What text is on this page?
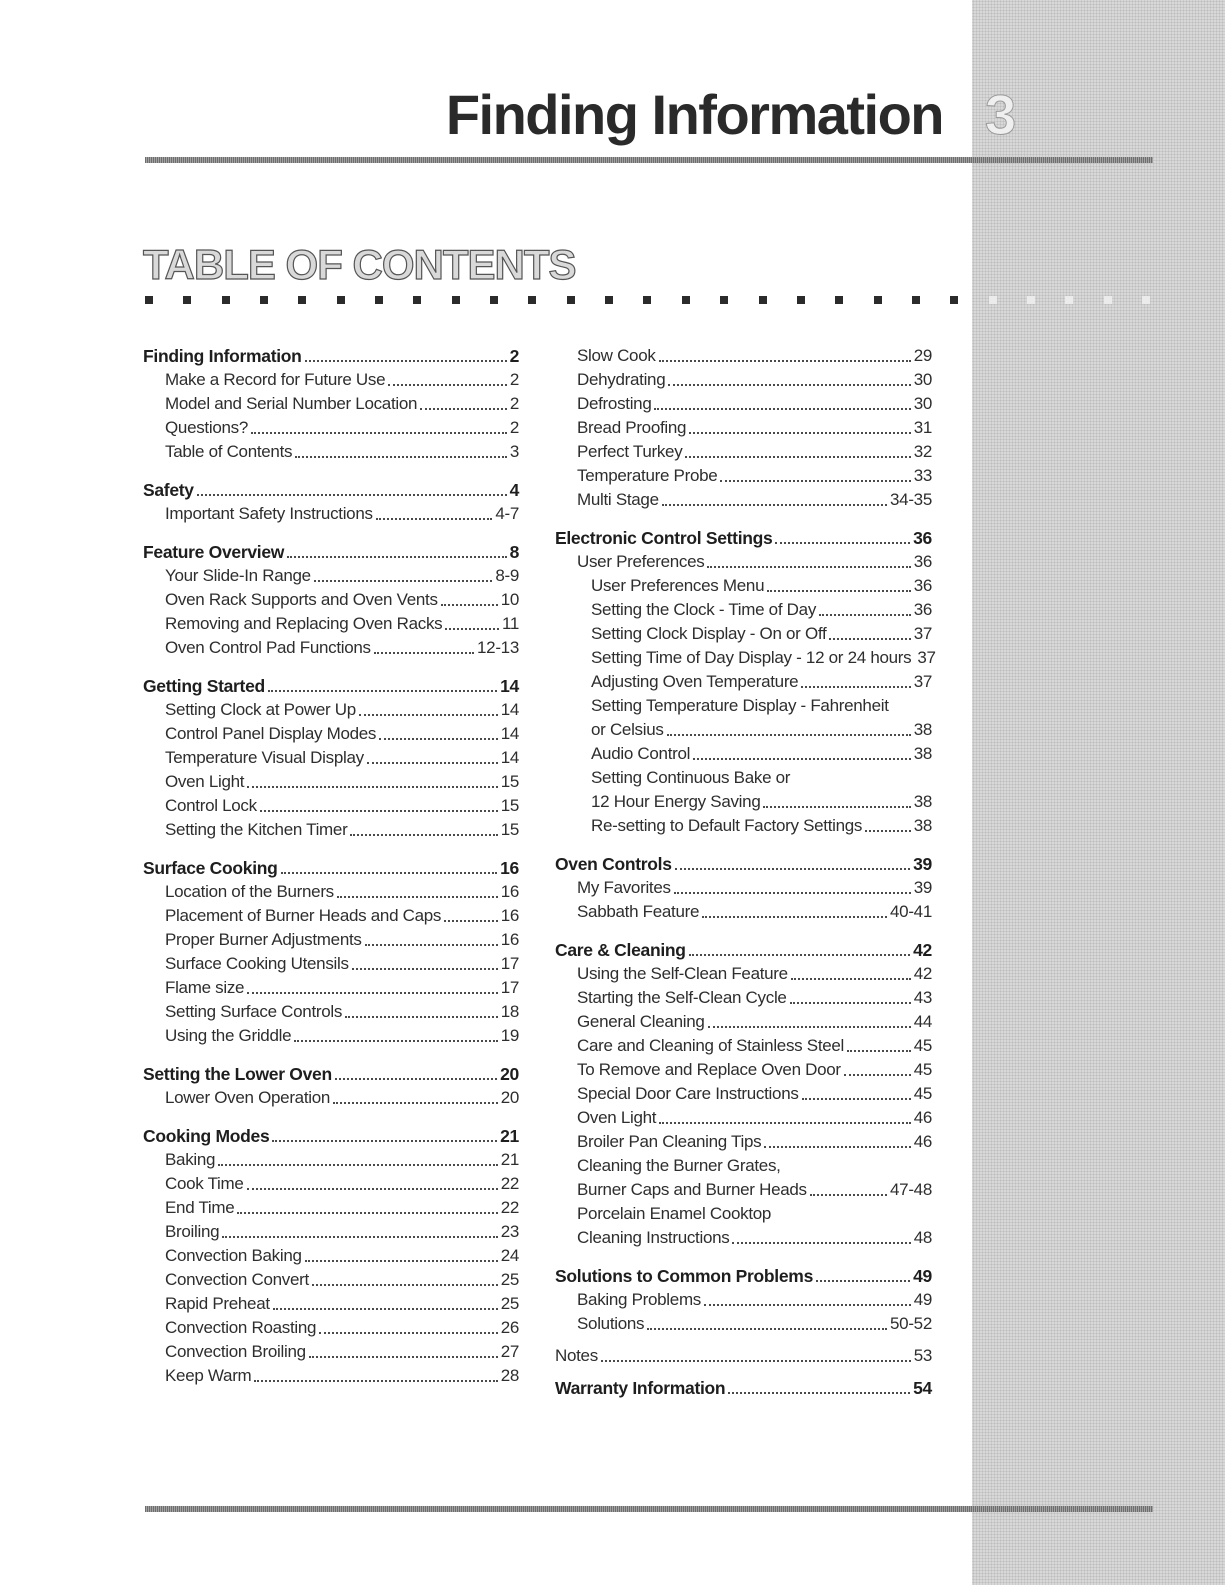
Finding Information 3
TABLE OF CONTENTS
Finding Information	2
Make a Record for Future Use	2
Model and Serial Number Location	2
Questions?	2
Table of Contents	3
Safety	4
Important Safety Instructions	4-7
Feature Overview	8
Your Slide-In Range	8-9
Oven Rack Supports and Oven Vents	10
Removing and Replacing Oven Racks	11
Oven Control Pad Functions	12-13
Getting Started	14
Setting Clock at Power Up	14
Control Panel Display Modes	14
Temperature Visual Display	14
Oven Light	15
Control Lock	15
Setting the Kitchen Timer	15
Surface Cooking	16
Location of the Burners	16
Placement of Burner Heads and Caps	16
Proper Burner Adjustments	16
Surface Cooking Utensils	17
Flame size	17
Setting Surface Controls	18
Using the Griddle	19
Setting the Lower Oven	20
Lower Oven Operation	20
Cooking Modes	21
Baking	21
Cook Time	22
End Time	22
Broiling	23
Convection Baking	24
Convection Convert	25
Rapid Preheat	25
Convection Roasting	26
Convection Broiling	27
Keep Warm	28
Slow Cook	29
Dehydrating	30
Defrosting	30
Bread Proofing	31
Perfect Turkey	32
Temperature Probe	33
Multi Stage	34-35
Electronic Control Settings	36
User Preferences	36
User Preferences Menu	36
Setting the Clock - Time of Day	36
Setting Clock Display - On or Off	37
Setting Time of Day Display - 12 or 24 hours 37
Adjusting Oven Temperature	37
Setting Temperature Display - Fahrenheit
or Celsius	38
Audio Control	38
Setting Continuous Bake or
12 Hour Energy Saving	38
Re-setting to Default Factory Settings	38
Oven Controls	39
My Favorites	39
Sabbath Feature	40-41
Care & Cleaning	42
Using the Self-Clean Feature	42
Starting the Self-Clean Cycle	43
General Cleaning	44
Care and Cleaning of Stainless Steel	45
To Remove and Replace Oven Door	45
Special Door Care Instructions	45
Oven Light	46
Broiler Pan Cleaning Tips	46
Cleaning the Burner Grates,
Burner Caps and Burner Heads	47-48
Porcelain Enamel Cooktop
Cleaning Instructions	48
Solutions to Common Problems	49
Baking Problems	49
Solutions	50-52
Notes	53
Warranty Information	54
